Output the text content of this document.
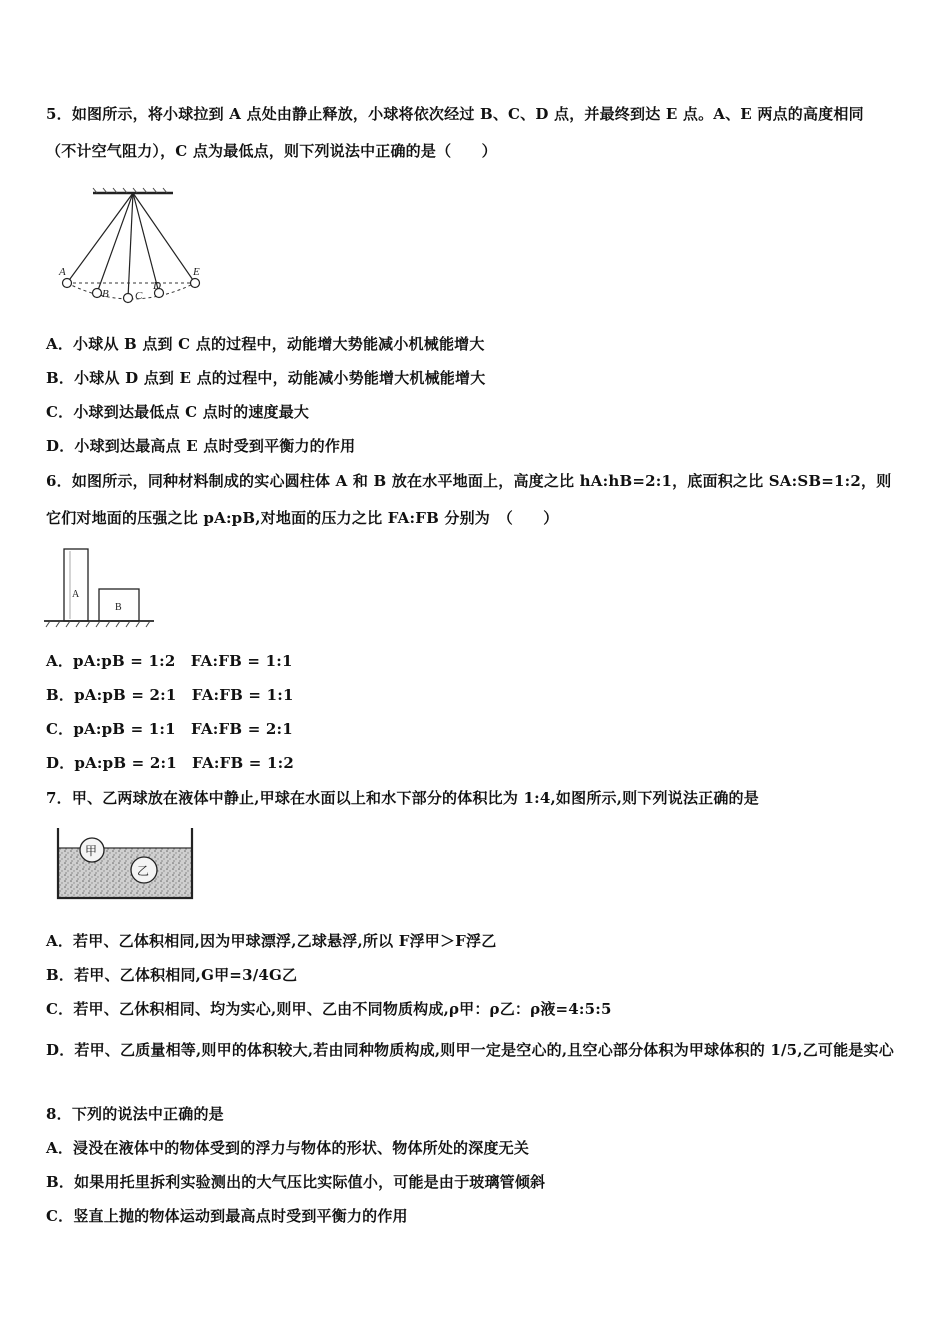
5．如图所示，将小球拉到 A 点处由静止释放，小球将依次经过 B、C、D 点，并最终到达 E 点。A、E 两点的高度相同
（不计空气阻力），C 点为最低点，则下列说法中正确的是（　　）
A
B C
D
E
A．小球从 B 点到 C 点的过程中，动能增大势能减小机械能增大
B．小球从 D 点到 E 点的过程中，动能减小势能增大机械能增大
C．小球到达最低点 C 点时的速度最大
D．小球到达最高点 E 点时受到平衡力的作用
6．如图所示，同种材料制成的实心圆柱体 A 和 B 放在水平地面上，高度之比 hA:hB=2:1，底面积之比 SA:SB=1:2，则
它们对地面的压强之比 pA:pB,对地面的压力之比 FA:FB 分别为　（　　）
A
B
A．pA:pB = 1:2　FA:FB = 1:1
B．pA:pB = 2:1　FA:FB = 1:1
C．pA:pB = 1:1　FA:FB = 2:1
D．pA:pB = 2:1　FA:FB = 1:2
7．甲、乙两球放在液体中静止,甲球在水面以上和水下部分的体积比为 1:4,如图所示,则下列说法正确的是
甲
乙
A．若甲、乙体积相同,因为甲球漂浮,乙球悬浮,所以 F浮甲＞F浮乙
B．若甲、乙体积相同,G甲=3/4G乙
C．若甲、乙休积相同、均为实心,则甲、乙由不同物质构成,ρ甲：ρ乙：ρ液=4:5:5
D．若甲、乙质量相等,则甲的体积较大,若由同种物质构成,则甲一定是空心的,且空心部分体积为甲球体积的 1/5,乙可能是实心
8．下列的说法中正确的是
A．浸没在液体中的物体受到的浮力与物体的形状、物体所处的深度无关
B．如果用托里拆利实验测出的大气压比实际值小，可能是由于玻璃管倾斜
C．竖直上抛的物体运动到最高点时受到平衡力的作用
